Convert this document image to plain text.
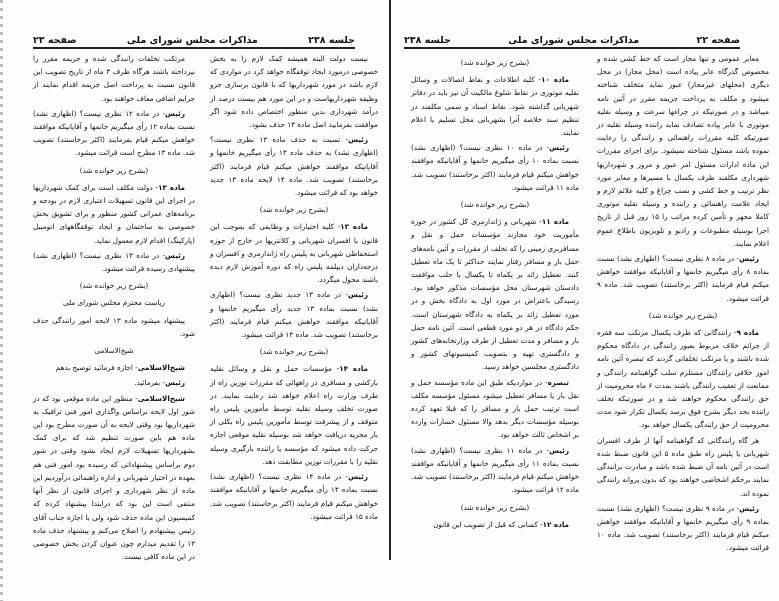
جلسه ۲۳۸
مذاکرات مجلس شورای ملی
صفحه ۲۳

نیست دولت البته همیشه کمک لازم را به بخش خصوصی درمورد ایجاد توقفگاه خواهد کرد در مواردی که لازم باشد در مورد شهرداریها که با قانون برسازی جزو وظیفه شهرداریهاست و در این مورد هم بیست درصد از درآمد شهرداری بدین منظور اختصاص داده شود اگر موافقت بفرمایید اصل ماده ۱۳ حذف بشود.

رئیس- نسبت به حذف ماده ۱۳ نظری نیست؟ (اظهاری نشد) به حذف ماده ۱۳ رأی میگیریم خانمها و آقایانیکه موافقند خواهش میکنم قیام فرمایند (اکثر برخاستند) تصویب شد. ماده ۱۴ لایحه ماده ۱۳ جدید خواهد بود که قرائت میشود.

(بشرح زیر خوانده شد)

ماده ۱۳- کلیه اختیارات و وظایفی که بموجب این قانون با افسران شهربانی و کلانتریها در خارج از حوزه استحفاظی شهربانی به پلیس راه ژاندارمری و افسران و درجه‌داران دیپلمه پلیس راه که دوره آموزش لازم دیده باشند محول میگردد.

رئیس- در ماده ۱۳ جدید نظری نیست؟ (اظهاری نشد) نسبت بماده ۱۳ جدید رأی میگیریم خانمها و آقایانیکه موافقند خواهش میکنم قیام فرمایند (اکثر برخاستند) تصویب شد. ماده ۱۴ قرائت میشود.

(بشرح زیر خوانده شد)

ماده ۱۴- مؤسسات حمل و نقل و وسائل نقلیه بارکشی و مسافری در راههائی که مقررات توزین راه از طرف وزارت راه اعلام خواهد شد رعایت نمایند. در صورت تخلف وسیله نقلیه توسط مأمورین پلیس راه متوقف و از پیشرفت توسط مأمورین پلیس راه بکلی از بار مجریه دریافت خواهد شد بوسیله نقلیه موقعی اجازه حرکت داده میشود که مؤسسه یا راننده بارگیری وسیله نقلیه را با مقررات توزین مطابقت دهد.

رئیس- در ماده ۱۴ نظری نیست؟ (اظهاری نشد) نسبت بماده ۱۴ رأی میگیریم خانمها و آقایانیکه موافقند خواهش میکنم قیام فرمایند (اکثر برخاستند) تصویب شد. ماده ۱۵ قرائت میشود.

مرتکب تخلفات رانندگی شده و جریمه مقرر را نپرداخته باشند هرگاه ظرف ۳ ماه از تاریخ تصویب این قانون نسبت به پرداخت اصل جریمه اقدام نمایند از جرایم اضافی معاف خواهند بود.

رئیس- در ماده ۱۲ نظری نیست؟ (اظهاری نشد) نسبت بماده ۱۲ رأی میگیریم خانمها و آقایانیکه موافقند خواهش میکنم قیام بفرمایند (اکثر برخاستند) تصویب شد. ماده ۱۳ مطرح است قرائت میشود.

(بشرح زیر خوانده شد)

ماده ۱۳- دولت مکلف است برای کمک شهرداریها در اجرای این قانون تسهیلات اعتباری لازم در بودجه و برنامه‌های عمرانی کشور منظور و برای تشویق بخش خصوصی به ساختمان و ایجاد توقفگاههای اتومبیل (پارکینگ) اقدام لازم معمول نماید.

رئیس- در ماده ۱۳ نظری نیست؟ (اظهاری نشد) پیشنهادی رسیده قرائت میشود.

(بشرح زیر خوانده شد)

ریاست محترم مجلس شورای ملی

پیشنهاد میشود ماده ۱۳ لایحه امور رانندگی حذف شود.

شیخ‌الاسلامی

شیخ‌الاسلامی- اجازه فرمائید توضیح بدهم

رئیس- بفرمائید.

شیخ‌الاسلامی- منظور این ماده موقعی بود که در شور اول لایحه براساس واگذاری امور فنی ترافیک به شهرداریها بود وقتی لایحه به آن صورت مطرح بود این ماده هم باین صورت تنظیم شد که برای کمک بشهرداریها تسهیلات لازم ایجاد بشود وقتی در شور دوم براساس پیشنهاداتی که رسیده بود امور فنی هم بعهده در اختیار شهربانی و اداره راهنمائی درآوردیم این ماده از نظر شهرداری و اجرای قانون از نظر آنها منتفی است این بود که درابتدا پیشنهاد کرده که کمیسیون این ماده حذف شود ولی با اجازه جناب آقای رئیس پیشنهادم را اصلاح می‌کنم و پیشنهاد حذف ماده ۱۳ را تقدیم میدارم چون عنوان کردن بخش خصوصی در این ماده کافی نیست.

صفحه ۲۲
مذاکرات مجلس شورای ملی
جلسه ۲۳۸

معابر عمومی و تنها مجاز است که خط کشی شده و مخصوص گذرگاه عابر پیاده است (محل مجاز) در محل دیگری (محلهای غیرمجاز) عبور نماید متخلف شناخته میشود و مکلف به پرداخت جریمه مقرر در آئین نامه میباشد و در صورتیکه در چراغها سرعت و وسیله نقلیه موتوری با عابر پیاده تصادف نماید راننده وسیله نقلیه در صورتیکه کلیه مقررات راهنمائی و رانندگی را رعایت نموده باشد مسئول شناخته نمیشود. برای اجرای مقررات این ماده ادارات مسئول امر عبور و مرور و شهرداریها شهرداری مکلفند ظرف یکسال با مسیرها و معابر مورد نظر ترتیب و خط کشی و نصب چراغ و کلیه علائم لازم و ایجاد علامت راهنمائی و راننده و وسیله نقلیه موتوری کاملا مجهز و تأمین کرده مراتب را ۱۵ روز قبل از تاریخ اجرا بوسیله مطبوعات و رادیو و تلویزیون باطلاع عموم اعلام نمایند.

رئیس- در ماده ۸ نظری نیست؟ (اظهاری نشد) نسبت بماده ۸ رأی میگیریم خانمها و آقایانیکه موافقند خواهش میکنم قیام فرمایند (اکثر برخاستند) تصویب شد. ماده ۹ قرائت میشود.

(بشرح زیر خوانده شد)

ماده ۹- رانندگانی که ظرف یکسال مرتکب سه فقره از جرائم خلاف مربوط بعبور رانندگی در دادگاه محکوم شده باشند و یا مرتکب تخلفاتی گردند که تبصره آئین نامه امور خلافی رانندگان مستلزم سلب گواهینامه رانندگی و ممانعت از تعقیب رانندگی باشند بمدت ۶ ماه محرومیت از حق رانندگی محکوم خواهند شد و در صورتیکه تخلف راننده بحد دیگر بشرح فوق برسد یکسال تکرار شود مدت محرومیت از حق رانندگی یکسال خواهد بود.

هر گاه رانندگانی که گواهینامه آنها از طرف افسران شهربانی یا پلیس راه طبق ماده ۵ این قانون ضبط شده است در آئین نامه آن ضبط شده باشد و مبادرت برانندگی نمایند برحکم اشخاصی خواهند بود که بدون پروانه رانندگی نموده اند.

رئیس- در ماده ۹ نظری نیست؟ (اظهاری نشد) نسبت بماده ۹ رأی میگیریم خانمها و آقایانیکه موافقند خواهش میکنم قیام فرمایند (اکثر برخاستند) تصویب شد. ماده ۱۰ قرائت میشود.

(بشرح زیر خوانده شد)

ماده ۱۰- کلیه اطلاعات و نقاط اتصالات و وسائل نقلیه موتوری در نقاط شلوغ مالکیت آن نیز باید در دفاتر شهربانی گذاشته شود. نقاط اسناد و سمی مکلفند در تنظیم سند خلاصه آنرا بشهربانی محل تسلیم یا اعلام نمایند.

رئیس- در ماده ۱۰ نظری نیست؟ (اظهاری نشد) نسبت بماده ۱۰ رأی میگیریم خانمها و آقایانیکه موافقند خواهش میکنم قیام فرمایند (اکثر برخاستند) تصویب شد. ماده ۱۱ قرائت میشود.

(بشرح زیر خوانده شد)

ماده ۱۱- شهربانی و ژاندارمری کل کشور در حوزه مأموریت خود مجازند مؤسسات حمل و نقل و مسافربری زمینی را که تخلف از مقررات و آئین نامه‌های حمل بار و مسافر رفتار نمایند حداکثر تا یک ماه تعطیل کنند. تعطیل زائد بر یکماه تا یکسال با جلب موافقت دادستان شهرستان محل مؤسسات مذکور خواهد بود. رسیدگی باعتراض در مورد اول به دادگاه بخش و در مورد تعطیل زائد بر یکماه به دادگاه شهرستان است. حکم دادگاه در هر دو مورد قطعی است. آئین نامه حمل بار و مسافر و مدت تعطیل از طرف وزارتخانه‌های کشور و دادگستری تهیه و بتصویب کمیسیونهای کشور و دادگستری مجلسین خواهد رسید.

تبصره- در مواردیکه طبق این ماده مؤسسه حمل و نقل بار یا مسافر تعطیل میشود مسئول مؤسسه مکلف است ترتیب حمل بار و مسافر را که قبلا تعهد کرده بوسیله مؤسسات دیگر بدهد والا مسئول خسارات وارده بر اشخاص ثالث خواهد بود.

رئیس- در ماده ۱۱ نظری نیست؟ (اظهاری نشد) نسبت بماده ۱۱ رأی میگیریم خانمها و آقایانیکه موافقند خواهش میکنم قیام فرمایند (اکثر برخاستند) تصویب شد. ماده ۱۲ قرائت میشود.

(بشرح زیر خوانده شد)

ماده ۱۲- کسانی که قبل از تصویب این قانون
